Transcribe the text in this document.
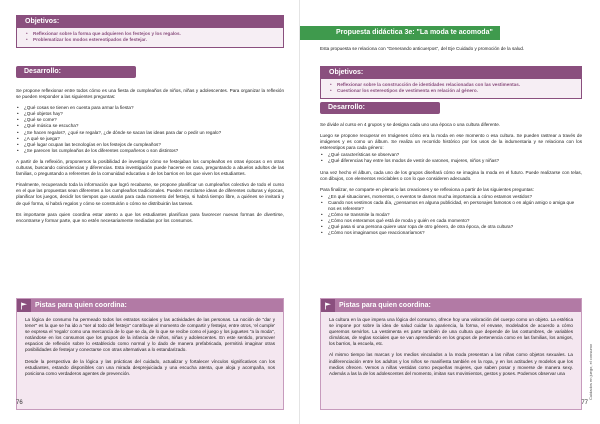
Objetivos:
• Reflexionar sobre la forma que adquieren los festejos y los regalos.
• Problematizar los modos estereotipados de festejar.
Desarrollo:

Se propone reflexionar entre todos cómo es una fiesta de cumpleaños de niños, niñas y adolescentes. Para organizar la reflexión se pueden responder a las siguientes preguntas:

• ¿Qué cosas se tienen en cuenta para armar la fiesta?
• ¿Qué objetos hay?
• ¿Qué se come?
• ¿Qué música se escucha?
• ¿Se hacen regalos?, ¿qué se regala?, ¿de dónde se sacan las ideas para dar o pedir un regalo?
• ¿A qué se juega?
• ¿Qué lugar ocupan las tecnologías en los festejos de cumpleaños?
• ¿Se parecen los cumpleaños de los diferentes compañeros o son distintos?

A partir de la reflexión, proponemos la posibilidad de investigar cómo se festejaban los cumpleaños en otras épocas o en otras culturas, buscando coincidencias y diferencias. Esta investigación puede hacerse en casa, preguntando a abuelos adultos de las familias, o preguntando a referentes de la comunidad educativa o de los barrios en los que viven los estudiantes.

Finalmente, recuperando toda la información que logró recabarse, se propone planificar un cumpleaños colectivo de todo el curso en el que las propuestas sean diferentes a los cumpleaños tradicionales. Pueden mezclarse ideas de diferentes culturas y épocas, planificar los juegos, decidir los tiempos que usarán para cada momento del festejo, si habrá tiempo libre, a quiénes se invitará y de qué forma, si habrá regalos y cómo se construirán o cómo se distribuirán las tareas.

Es importante para quien coordina estar atento a que los estudiantes planifican para favorecer nuevas formas de divertirse, encontrarse y formar parte, que no estén necesariamente mediadas por los consumos.

Pistas para quien coordina:

La lógica de consumo ha permeado todos los estratos sociales y las actividades de las personas. La noción de ''dar y tener'' es la que se ha ido a ''ser al todo del festejo'' contribuye al momento de compartir y festejar, entre otros, 'el cumple' se expresa el 'regalo' como una mercancía de lo que se da, de lo que se recibe como el juego y los juguetes ''a la moda'', notándose en los consumos que los grupos de la infancia de niños, niñas y adolescentes. En este sentido, promover espacios de reflexión sobre lo establecido como normal y lo dado de manera prefabricada, permitirá imaginar otras posibilidades de festejar y conectarse con otras alternativas a lo estandarizado.

Desde la perspectiva de la lógica y las prácticas del cuidado, actualizar y fortalecer vínculos significativos con los estudiantes, estando disponibles con una mirada desprejuiciada y una escucha atenta, que aloja y acompaña, nos posiciona como verdaderos agentes de prevención.

76
Propuesta didáctica 3e: "La moda te acomoda"

Esta propuesta se relaciona con "Generando anticuerpos", del Eje Cuidado y promoción de la salud.

Objetivos:
• Reflexionar sobre la construcción de identidades relacionadas con las vestimentas.
• Cuestionar los estereotipos de vestimenta en relación al género.
Desarrollo:

Se divide al curso en 4 grupos y se designa cada uno una época o una cultura diferente.

Luego se propone recuperar en Imágenes cómo era la moda en ese momento o esa cultura. Se pueden rastrear a través de imágenes y es como un álbum. Se realiza un recorrido histórico por los usos de la indumentaria y se relaciona con los estereotipos para cada género:

• ¿Qué características se observan?
• ¿Qué diferencias hay entre los modos de vestir de varones, mujeres, niños y niñas?

Una vez hecho el álbum, cada uno de los grupos diseñará cómo se imagina la moda en el futuro. Puede realizarse con telas, con dibujos, con elementos reciclables o con lo que consideren adecuado.

Para finalizar, se comparte en plenario las creaciones y se reflexiona a partir de las siguientes preguntas:

• ¿En qué situaciones, momentos, o eventos te damos mucha importancia a cómo estamos vestidos?
• Cuando nos vestimos cada día, ¿pensamos en alguna publicidad, en personajes famosos o en algún amigo o amiga que nos es referente?
• ¿Cómo se transmite la moda?
• ¿Cómo nos enteramos qué está de moda y quién en cada momento?
• ¿Qué pasa si una persona quiere usar ropa de otro género, de otra época, de otra cultura?
• ¿Cómo nos imaginamos que reaccionaríamos?
Pistas para quien coordina:

La cultura en la que impera una lógica del consumo, ofrece hoy una valoración del cuerpo como un objeto. La estética se impone por sobre la idea de salud cuidar la apariencia, la forma, el envase, modelados de acuerdo a cómo queremos servirlos. La vestimenta es parte también de una cultura que depende de las costumbres, de variables climáticas, de reglas sociales que se van aprendiendo en los grupos de pertenencia como en las familias, los amigos, los barrios, la escuela, etc.

Al mismo tiempo las marcas y los medios vinculados a la moda presentan a las niñas como objetos sexuales. La indiferenciación entre los adultos y los niños se manifiesta también en la ropa, y en los actitudes y modelos que los medios ofrecen. Vemos a niñas vestidas como pequeñas mujeres, que saben posar y moverse de manera sexy. Además a las la de los adolescentes del momento, imitan sus movimientos, gestos y poses. Podemos observar una	Cuidados en juego, el consumo
77
